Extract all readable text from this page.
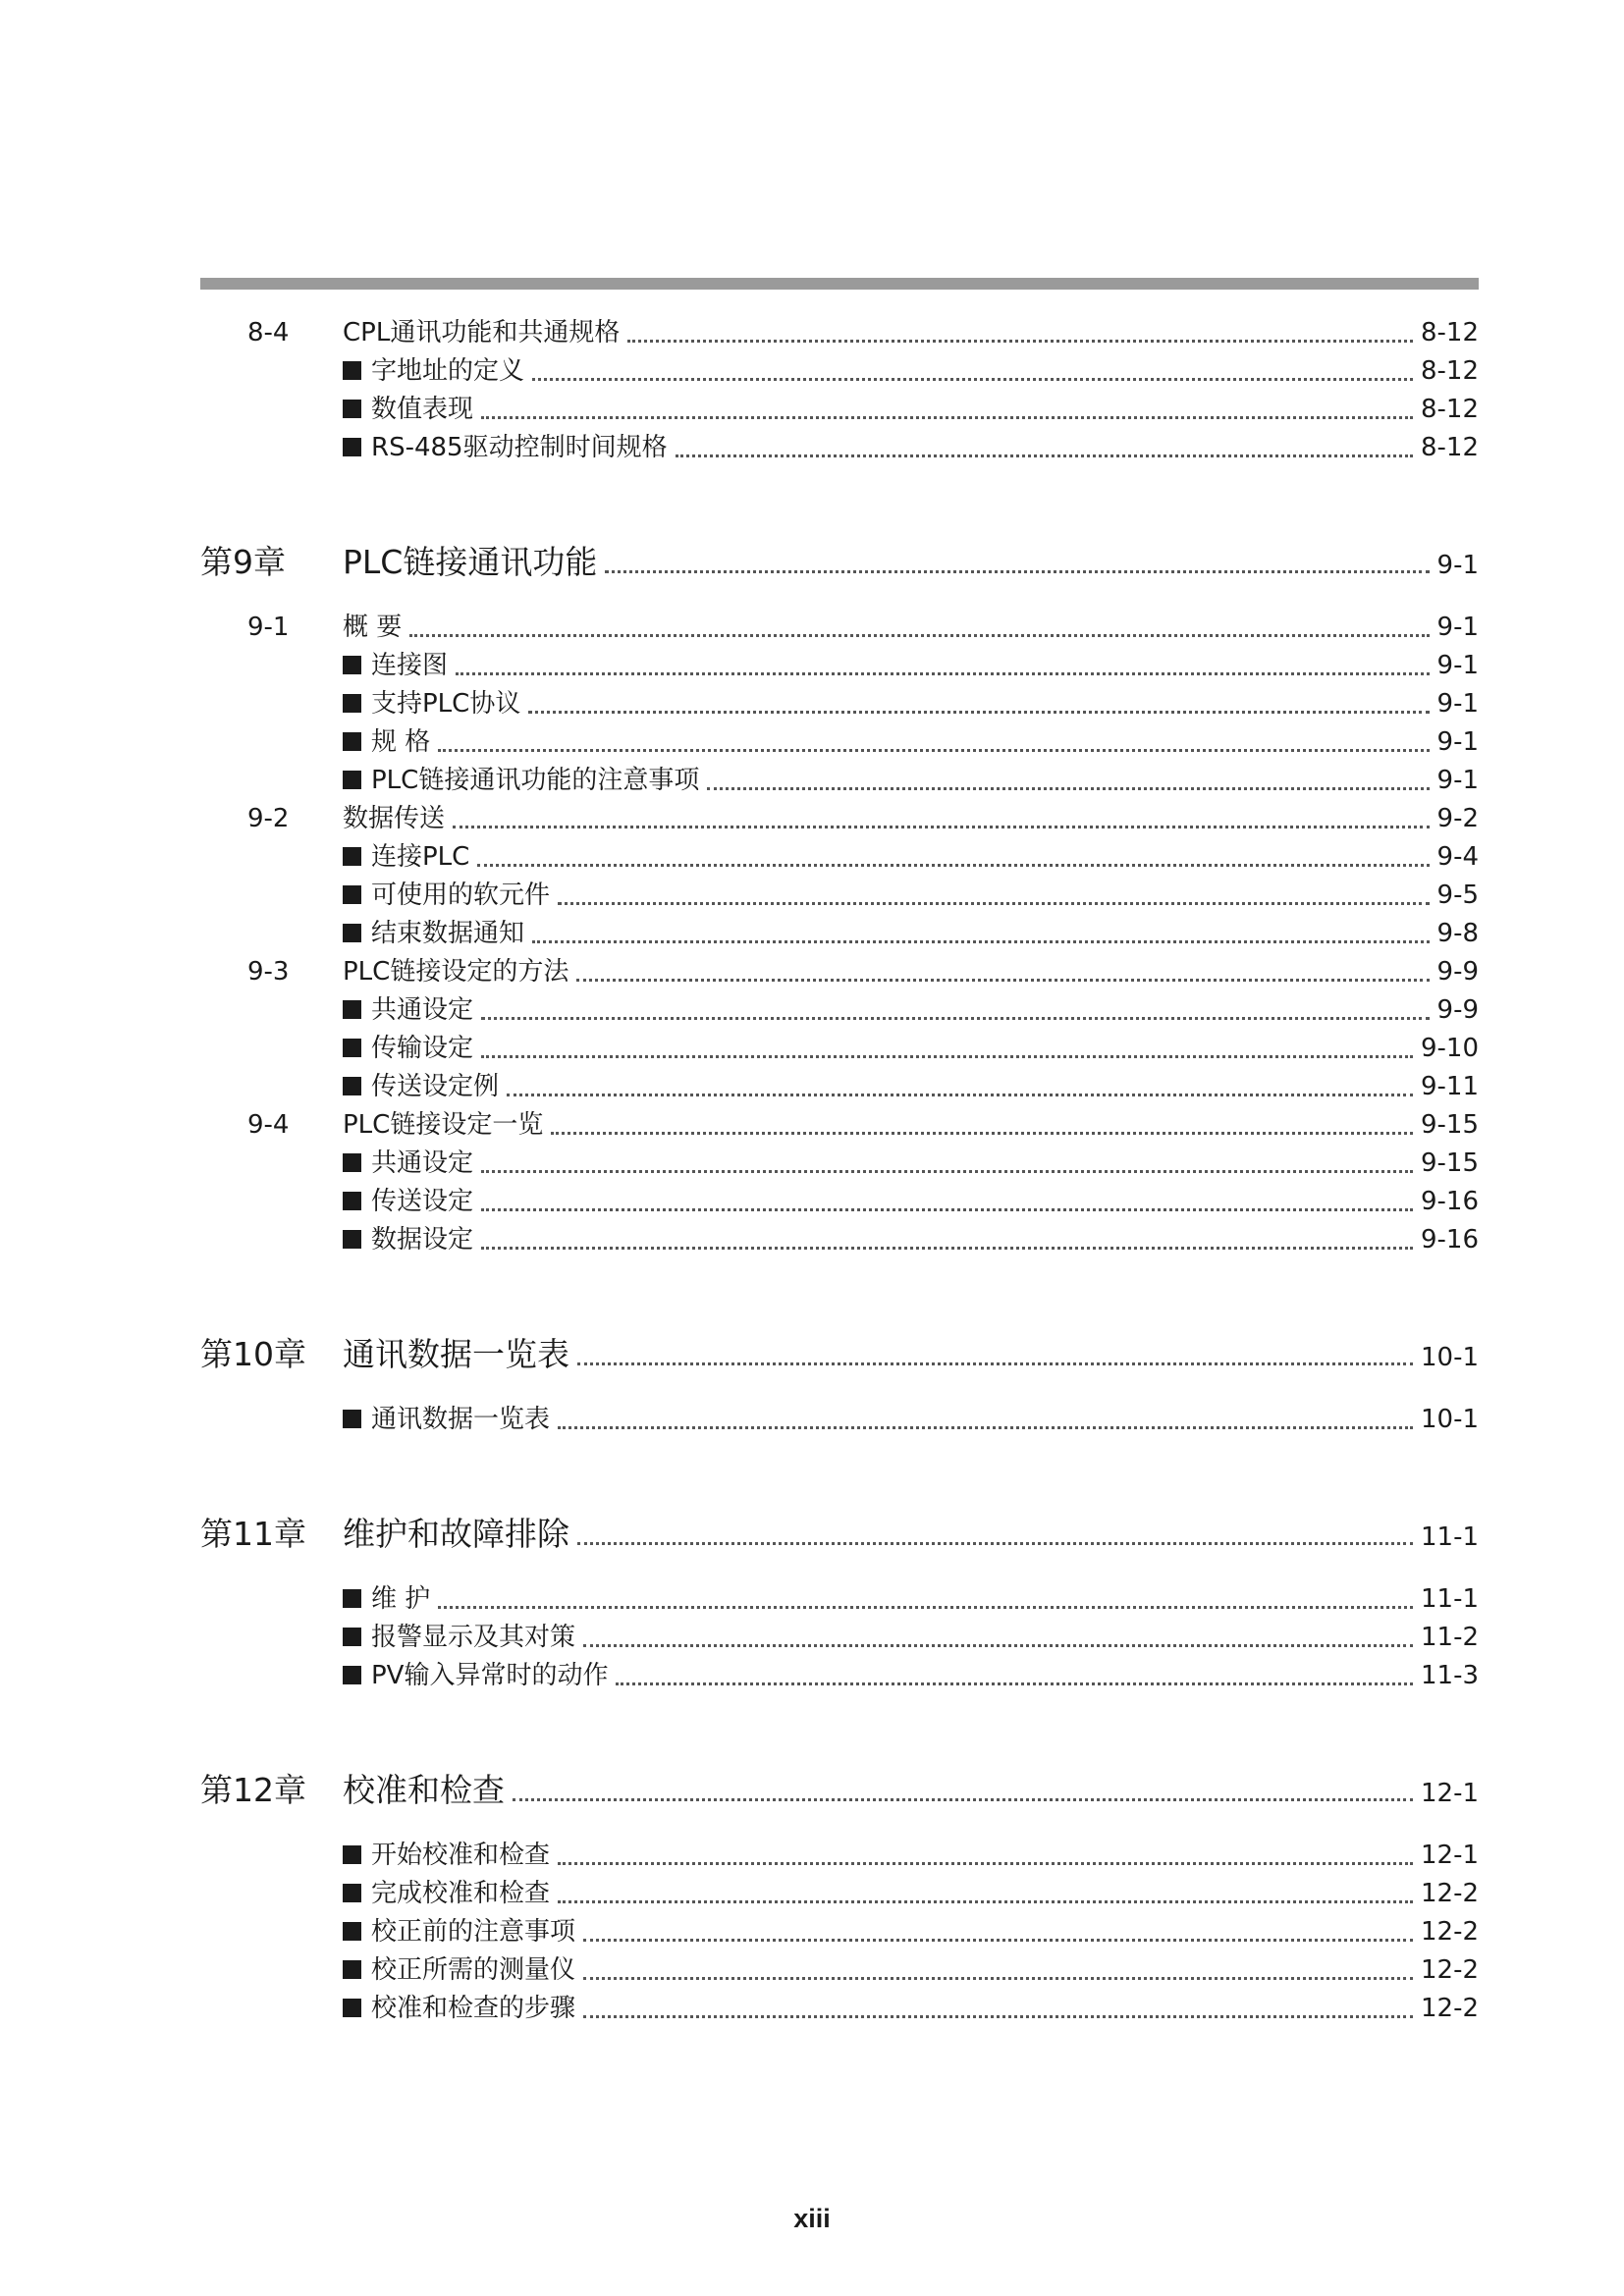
8-4	CPL通讯功能和共通规格	8-12
字地址的定义	8-12
数值表现	8-12
RS-485驱动控制时间规格	8-12
第9章	PLC链接通讯功能	9-1
9-1	概 要	9-1
连接图	9-1
支持PLC协议	9-1
规 格	9-1
PLC链接通讯功能的注意事项	9-1
9-2	数据传送	9-2
连接PLC	9-4
可使用的软元件	9-5
结束数据通知	9-8
9-3	PLC链接设定的方法	9-9
共通设定	9-9
传输设定	9-10
传送设定例	9-11
9-4	PLC链接设定一览	9-15
共通设定	9-15
传送设定	9-16
数据设定	9-16
第10章	通讯数据一览表	10-1
通讯数据一览表	10-1
第11章	维护和故障排除	11-1
维 护	11-1
报警显示及其对策	11-2
PV输入异常时的动作	11-3
第12章	校准和检查	12-1
开始校准和检查	12-1
完成校准和检查	12-2
校正前的注意事项	12-2
校正所需的测量仪	12-2
校准和检查的步骤	12-2
xiii
